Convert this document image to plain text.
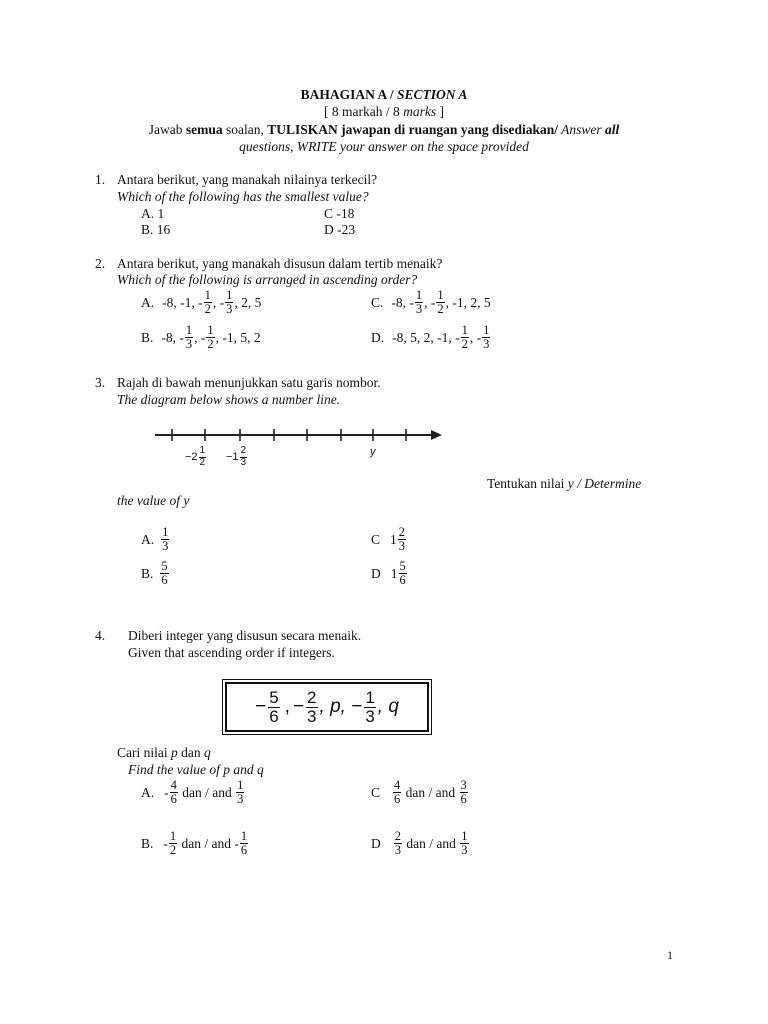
BAHAGIAN A / SECTION A
[ 8 markah / 8 marks ]
Jawab semua soalan, TULISKAN jawapan di ruangan yang disediakan/ Answer all
questions, WRITE your answer on the space provided
1. Antara berikut, yang manakah nilainya terkecil?
Which of the following has the smallest value?
A. 1	C -18
B. 16	D -23
2. Antara berikut, yang manakah disusun dalam tertib menaik?
Which of the following is arranged in ascending order?
A. -8, -1, - $\frac{1}{2}$ , - $\frac{1}{3}$ , 2, 5	C. -8, - $\frac{1}{3}$ , - $\frac{1}{2}$ , -1, 2, 5
B. -8, - $\frac{1}{3}$ , - $\frac{1}{2}$ , -1, 5, 2	D. -8, 5, 2, -1, - $\frac{1}{2}$ , - $\frac{1}{3}$
3. Rajah di bawah menunjukkan satu garis nombor.
The diagram below shows a number line.
$-2 \frac{1}{2} -1 \frac{2}{3}$	y
Tentukan nilai y / Determine
the value of y
A. $\frac{1}{3}$	C $1 \frac{2}{3}$
B. $\frac{5}{6}$	D $1 \frac{5}{6}$
4. Diberi integer yang disusun secara menaik.
Given that ascending order if integers.
− $\frac{5}{6}$ , − $\frac{2}{3}$ , p, − $\frac{1}{3}$ , q
Cari nilai p dan q
Find the value of p and q
A. - $\frac{4}{6}$ dan / and $\frac{1}{3}$	C $\frac{4}{6}$ dan / and $\frac{3}{6}$
B. - $\frac{1}{2}$ dan / and - $\frac{1}{6}$	D $\frac{2}{3}$ dan / and $\frac{1}{3}$
1
